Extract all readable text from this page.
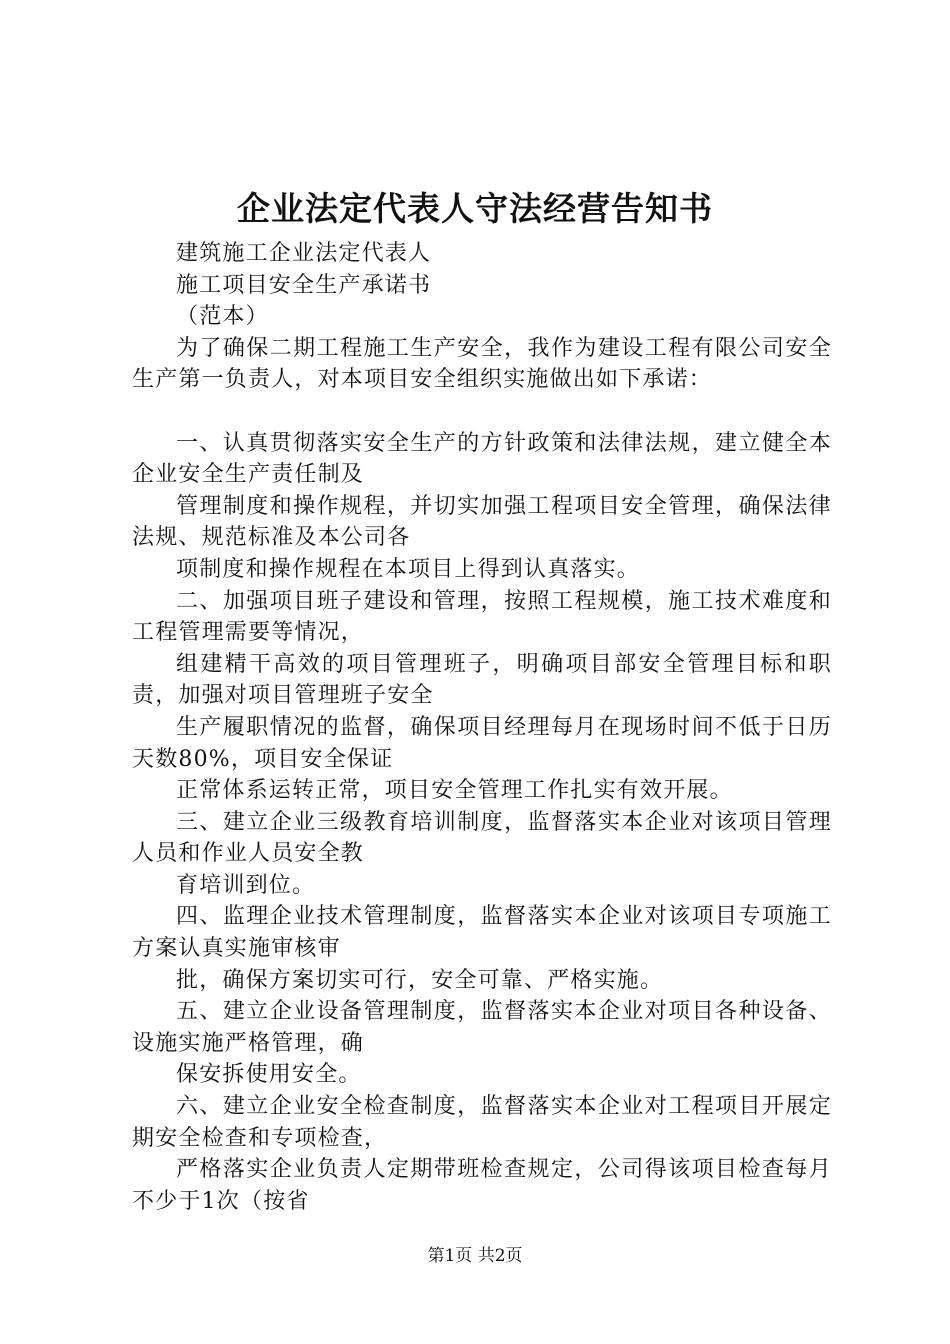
企业法定代表人守法经营告知书

建筑施工企业法定代表人

施工项目安全生产承诺书

（范本）

为了确保二期工程施工生产安全，我作为建设工程有限公司安全生产第一负责人，对本项目安全组织实施做出如下承诺：

一、认真贯彻落实安全生产的方针政策和法律法规，建立健全本企业安全生产责任制及

管理制度和操作规程，并切实加强工程项目安全管理，确保法律法规、规范标准及本公司各

项制度和操作规程在本项目上得到认真落实。

二、加强项目班子建设和管理，按照工程规模，施工技术难度和工程管理需要等情况，

组建精干高效的项目管理班子，明确项目部安全管理目标和职责，加强对项目管理班子安全

生产履职情况的监督，确保项目经理每月在现场时间不低于日历天数80%，项目安全保证

正常体系运转正常，项目安全管理工作扎实有效开展。

三、建立企业三级教育培训制度，监督落实本企业对该项目管理人员和作业人员安全教

育培训到位。

四、监理企业技术管理制度，监督落实本企业对该项目专项施工方案认真实施审核审

批，确保方案切实可行，安全可靠、严格实施。

五、建立企业设备管理制度，监督落实本企业对项目各种设备、设施实施严格管理，确

保安拆使用安全。

六、建立企业安全检查制度，监督落实本企业对工程项目开展定期安全检查和专项检查，

严格落实企业负责人定期带班检查规定，公司得该项目检查每月不少于1次（按省

第1页 共2页
